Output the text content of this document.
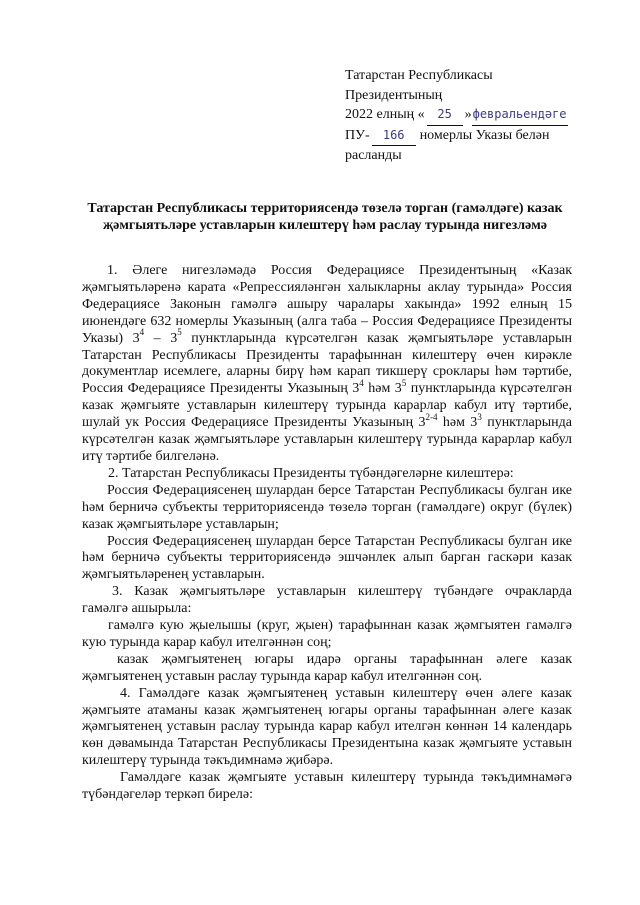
Татарстан Республикасы
Президентының
2022 елның « 25 »февральендәге
ПУ- 166 номерлы Указы белән
расланды
Татарстан Республикасы территориясендә төзелә торган (гамәлдәге) казак җәмгыятьләре уставларын килештерү һәм раслау турында нигезләмә

1. Әлеге нигезләмәдә Россия Федерациясе Президентының «Казак җәмгыятьләренә карата «Репрессияләнгән халыкларны аклау турында» Россия Федерациясе Законын гамәлгә ашыру чаралары хакында» 1992 елның 15 июнендәге 632 номерлы Указының (алга таба – Россия Федерациясе Президенты Указы) $3^4 - 3^5$ пунктларында күрсәтелгән казак җәмгыятьләре уставларын Татарстан Республикасы Президенты тарафыннан килештерү өчен кирәкле документлар исемлеге, аларны бирү һәм карап тикшерү сроклары һәм тәртибе, Россия Федерациясе Президенты Указының $3^4$ һәм $3^5$ пунктларында күрсәтелгән казак җәмгыяте уставларын килештерү турында карарлар кабул итү тәртибе, шулай ук Россия Федерациясе Президенты Указының 3$^{2-4}$ һәм $3^3$ пунктларында күрсәтелгән казак җәмгыятьләре уставларын килештерү турында карарлар кабул итү тәртибе билгеләнә.

2. Татарстан Республикасы Президенты түбәндәгеләрне килештерә:

Россия Федерациясенең шулардан берсе Татарстан Республикасы булган ике һәм берничә субъекты территориясендә төзелә торган (гамәлдәге) округ (бүлек) казак җәмгыятьләре уставларын;

Россия Федерациясенең шулардан берсе Татарстан Республикасы булган ике һәм берничә субъекты территориясендә эшчәнлек алып барган гаскәри казак җәмгыятьләренең уставларын.

3. Казак җәмгыятьләре уставларын килештерү түбәндәге очракларда гамәлгә ашырыла:

гамәлгә кую җыелышы (круг, җыен) тарафыннан казак җәмгыятен гамәлгә кую турында карар кабул ителгәннән соң;

казак җәмгыятенең югары идарә органы тарафыннан әлеге казак җәмгыятенең уставын раслау турында карар кабул ителгәннән соң.

4. Гамәлдәге казак җәмгыятенең уставын килештерү өчен әлеге казак җәмгыяте атаманы казак җәмгыятенең югары органы тарафыннан әлеге казак җәмгыятенең уставын раслау турында карар кабул ителгән көннән 14 календарь көн дәвамында Татарстан Республикасы Президентына казак җәмгыяте уставын килештерү турында тәкъдимнамә җибәрә.

Гамәлдәге казак җәмгыяте уставын килештерү турында тәкъдимнамәгә түбәндәгеләр теркәп бирелә:
